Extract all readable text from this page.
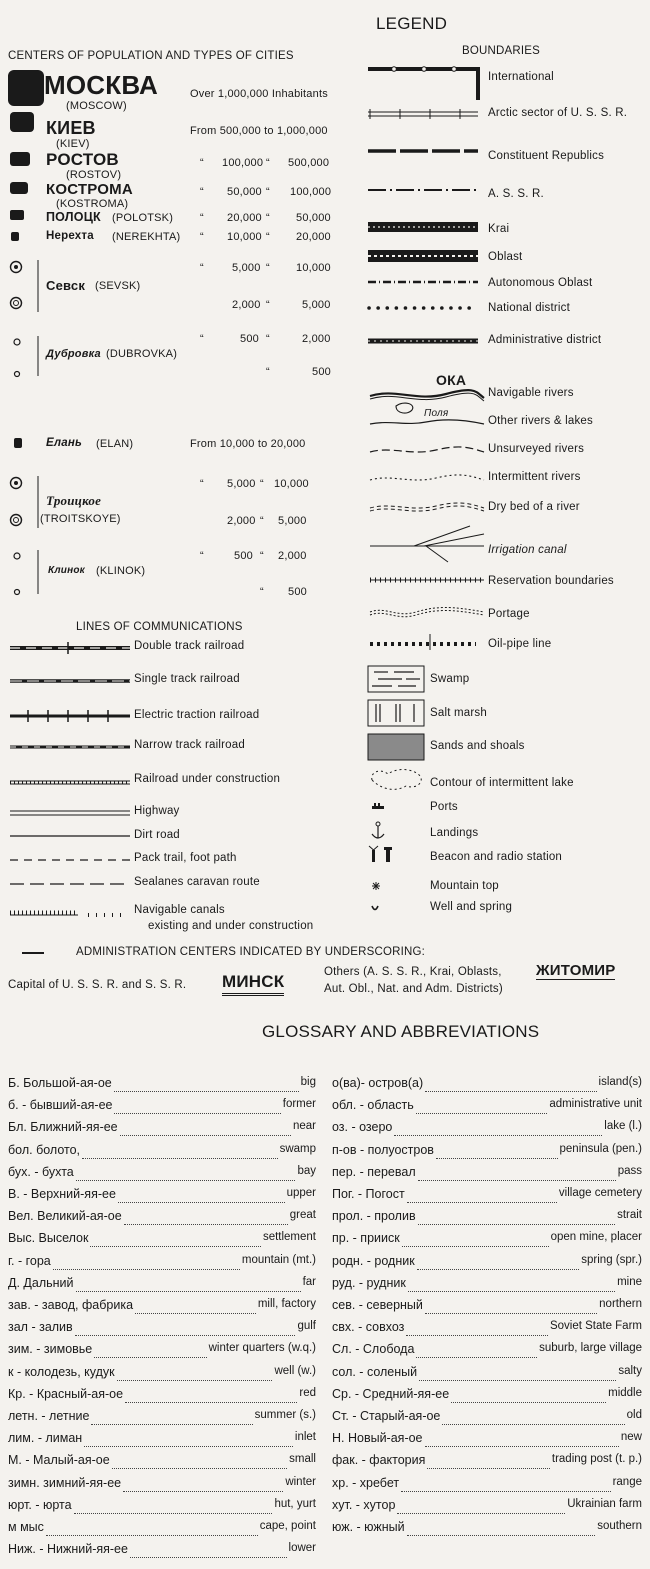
LEGEND
CENTERS OF POPULATION AND TYPES OF CITIES
МОСКВА
(MOSCOW)
Over 1,000,000 Inhabitants
КИЕВ
(KIEV)
From 500,000 to 1,000,000
РОСТОВ
(ROSTOV)
“ 100,000 “ 500,000
КОСТРОМА
(KOSTROMA)
“ 50,000 “ 100,000
ПОЛОЦК (POLOTSK) “ 20,000 “ 50,000
Нерехта (NEREKHTA) “ 10,000 “ 20,000
Севск (SEVSK)
“	5,000 “ 10,000
2,000 “	5,000
Дубровка (DUBROVKA)
“	500 “	2,000
“	500
Елань (ELAN)	From 10,000 to 20,000
Троицкое
(TROITSKOYE)
“ 5,000 “ 10,000
2,000 “ 5,000
Клинок (KLINOK)
“	500 “ 2,000
“ 500
LINES OF COMMUNICATIONS
Double track railroad
Single track railroad
Electric traction railroad
Narrow track railroad
Railroad under construction
Highway
Dirt road
Pack trail, foot path
Sealanes caravan route
Navigable canals
existing and under construction
BOUNDARIES
International
Arctic sector of U. S. S. R.
Constituent Republics
A. S. S. R.
Krai
Oblast
Autonomous Oblast
National district
Administrative district
ОКА
Поля
Navigable rivers
Other rivers & lakes
Unsurveyed rivers
Intermittent rivers
Dry bed of a river
Irrigation canal
Reservation boundaries
Portage
Oil-pipe line
Swamp
Salt marsh
Sands and shoals
Contour of intermittent lake
Ports
Landings
Beacon and radio station
Mountain top
Well and spring
ADMINISTRATION CENTERS INDICATED BY UNDERSCORING:
Capital of U. S. S. R. and S. S. R. МИНСК	Others (A. S. S. R., Krai, Oblasts,
Aut. Obl., Nat. and Adm. Districts)
ЖИТОМИР
GLOSSARY AND ABBREVIATIONS
Б. Большой-ая-ое	big
б. - бывший-ая-ее	former
Бл. Ближний-яя-ее	near
бол. болото,	swamp
бух. - бухта	bay
В. - Верхний-яя-ее	upper
Вел. Великий-ая-ое	great
Выс. Выселок	settlement
г. - гора	mountain (mt.)
Д. Дальний	far
зав. - завод, фабрика	mill, factory
зал - залив	gulf
зим. - зимовье	winter quarters (w.q.)
к - колодезь, кудук	well (w.)
Кр. - Красный-ая-ое	red
летн. - летние	summer (s.)
лим. - лиман	inlet
М. - Малый-ая-ое	small
зимн. зимний-яя-ее	winter
юрт. - юрта	hut, yurt
м мыс	cape, point
Ниж. - Нижний-яя-ее	lower
о(ва)- остров(а)	island(s)
обл. - область	administrative unit
оз. - озеро	lake (l.)
п-ов - полуостров	peninsula (pen.)
пер. - перевал	pass
Пог. - Погост	village cemetery
прол. - пролив	strait
пр. - прииск	open mine, placer
родн. - родник	spring (spr.)
руд. - рудник	mine
сев. - северный	northern
свх. - совхоз	Soviet State Farm
Сл. - Слобода	suburb, large village
сол. - соленый	salty
Ср. - Средний-яя-ее	middle
Ст. - Старый-ая-ое	old
Н. Новый-ая-ое	new
фак. - фактория	trading post (t. p.)
хр. - хребет	range
хут. - хутор	Ukrainian farm
юж. - южный	southern
